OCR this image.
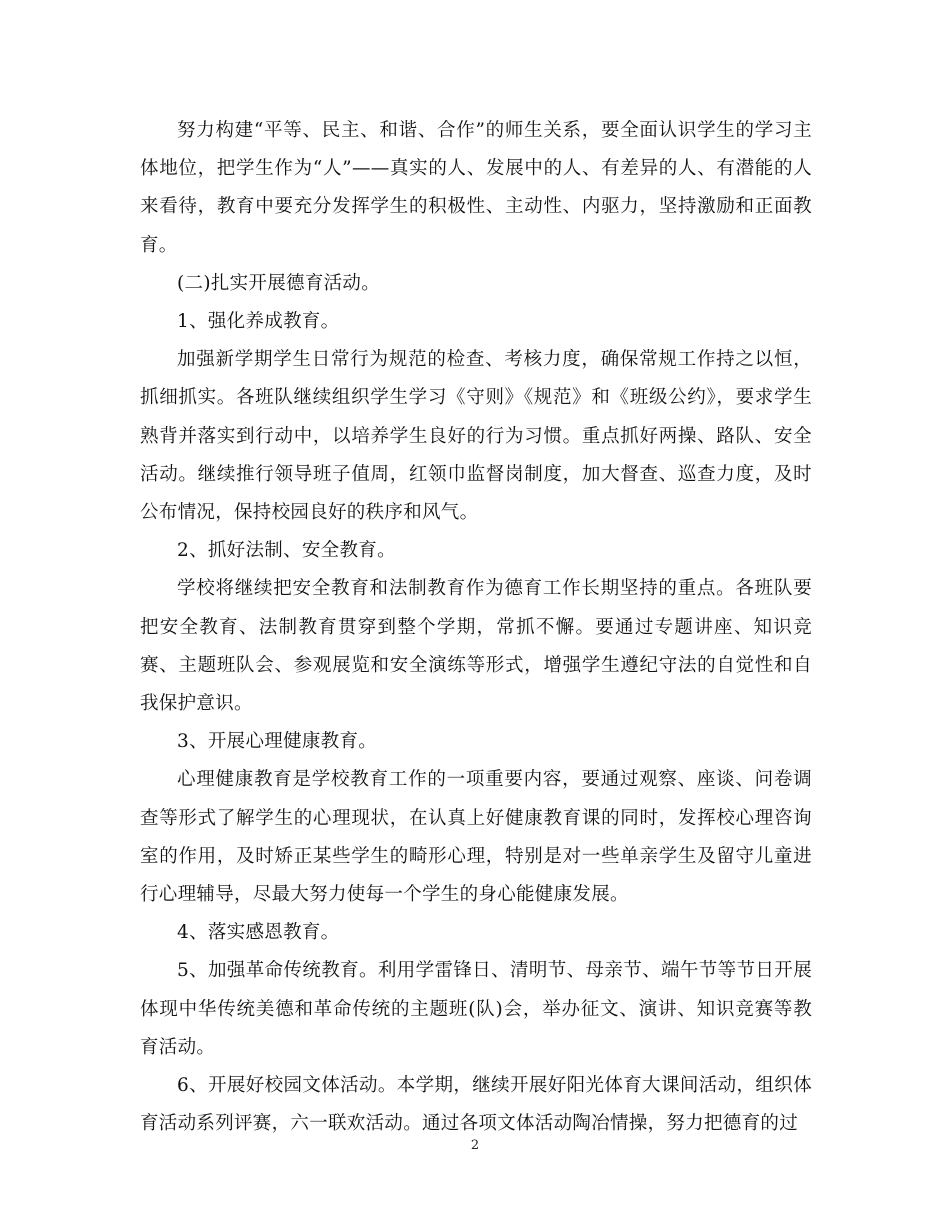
努力构建“平等、民主、和谐、合作”的师生关系，要全面认识学生的学习主体地位，把学生作为“人”——真实的人、发展中的人、有差异的人、有潜能的人来看待，教育中要充分发挥学生的积极性、主动性、内驱力，坚持激励和正面教育。

(二)扎实开展德育活动。

1、强化养成教育。

加强新学期学生日常行为规范的检查、考核力度，确保常规工作持之以恒，抓细抓实。各班队继续组织学生学习《守则》《规范》和《班级公约》，要求学生熟背并落实到行动中，以培养学生良好的行为习惯。重点抓好两操、路队、安全活动。继续推行领导班子值周，红领巾监督岗制度，加大督查、巡查力度，及时公布情况，保持校园良好的秩序和风气。

2、抓好法制、安全教育。

学校将继续把安全教育和法制教育作为德育工作长期坚持的重点。各班队要把安全教育、法制教育贯穿到整个学期，常抓不懈。要通过专题讲座、知识竞赛、主题班队会、参观展览和安全演练等形式，增强学生遵纪守法的自觉性和自我保护意识。

3、开展心理健康教育。

心理健康教育是学校教育工作的一项重要内容，要通过观察、座谈、问卷调查等形式了解学生的心理现状，在认真上好健康教育课的同时，发挥校心理咨询室的作用，及时矫正某些学生的畸形心理，特别是对一些单亲学生及留守儿童进行心理辅导，尽最大努力使每一个学生的身心能健康发展。

4、落实感恩教育。

5、加强革命传统教育。利用学雷锋日、清明节、母亲节、端午节等节日开展体现中华传统美德和革命传统的主题班(队)会，举办征文、演讲、知识竞赛等教育活动。

6、开展好校园文体活动。本学期，继续开展好阳光体育大课间活动，组织体育活动系列评赛，六一联欢活动。通过各项文体活动陶冶情操，努力把德育的过

2
